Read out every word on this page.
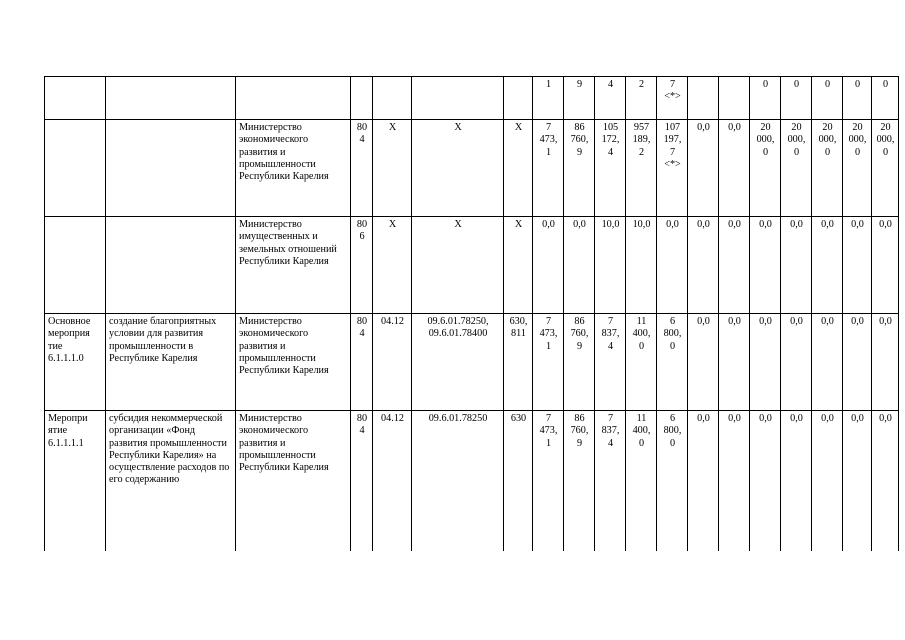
							1	9	4	2	7
<*>			0	0	0	0	0
		Министерство экономического развития и промышленности Республики Карелия	80
4	X	X	X	7
473,
1	86
760,
9	105
172,
4	957
189,
2	107
197,
7
<*>	0,0	0,0	20
000,
0	20
000,
0	20
000,
0	20
000,
0	20
000,
0
		Министерство имущественных и земельных отношений Республики Карелия	80
6	X	X	X	0,0	0,0	10,0	10,0	0,0	0,0	0,0	0,0	0,0	0,0	0,0	0,0
Основное
мероприя
тие
6.1.1.1.0	создание благоприятных условии для развития промышленности в Республике Карелия	Министерство экономического развития и промышленности Республики Карелия	80
4	04.12	09.6.01.78250,
09.6.01.78400	630,
811	7
473,
1	86
760,
9	7
837,
4	11
400,
0	6
800,
0	0,0	0,0	0,0	0,0	0,0	0,0	0,0
Меропри
ятие
6.1.1.1.1	субсидия некоммерческой организации «Фонд развития промышленности Республики Карелия» на осуществление расходов по его содержанию	Министерство экономического развития и промышленности Республики Карелия	80
4	04.12	09.6.01.78250	630	7
473,
1	86
760,
9	7
837,
4	11
400,
0	6
800,
0	0,0	0,0	0,0	0,0	0,0	0,0	0,0
